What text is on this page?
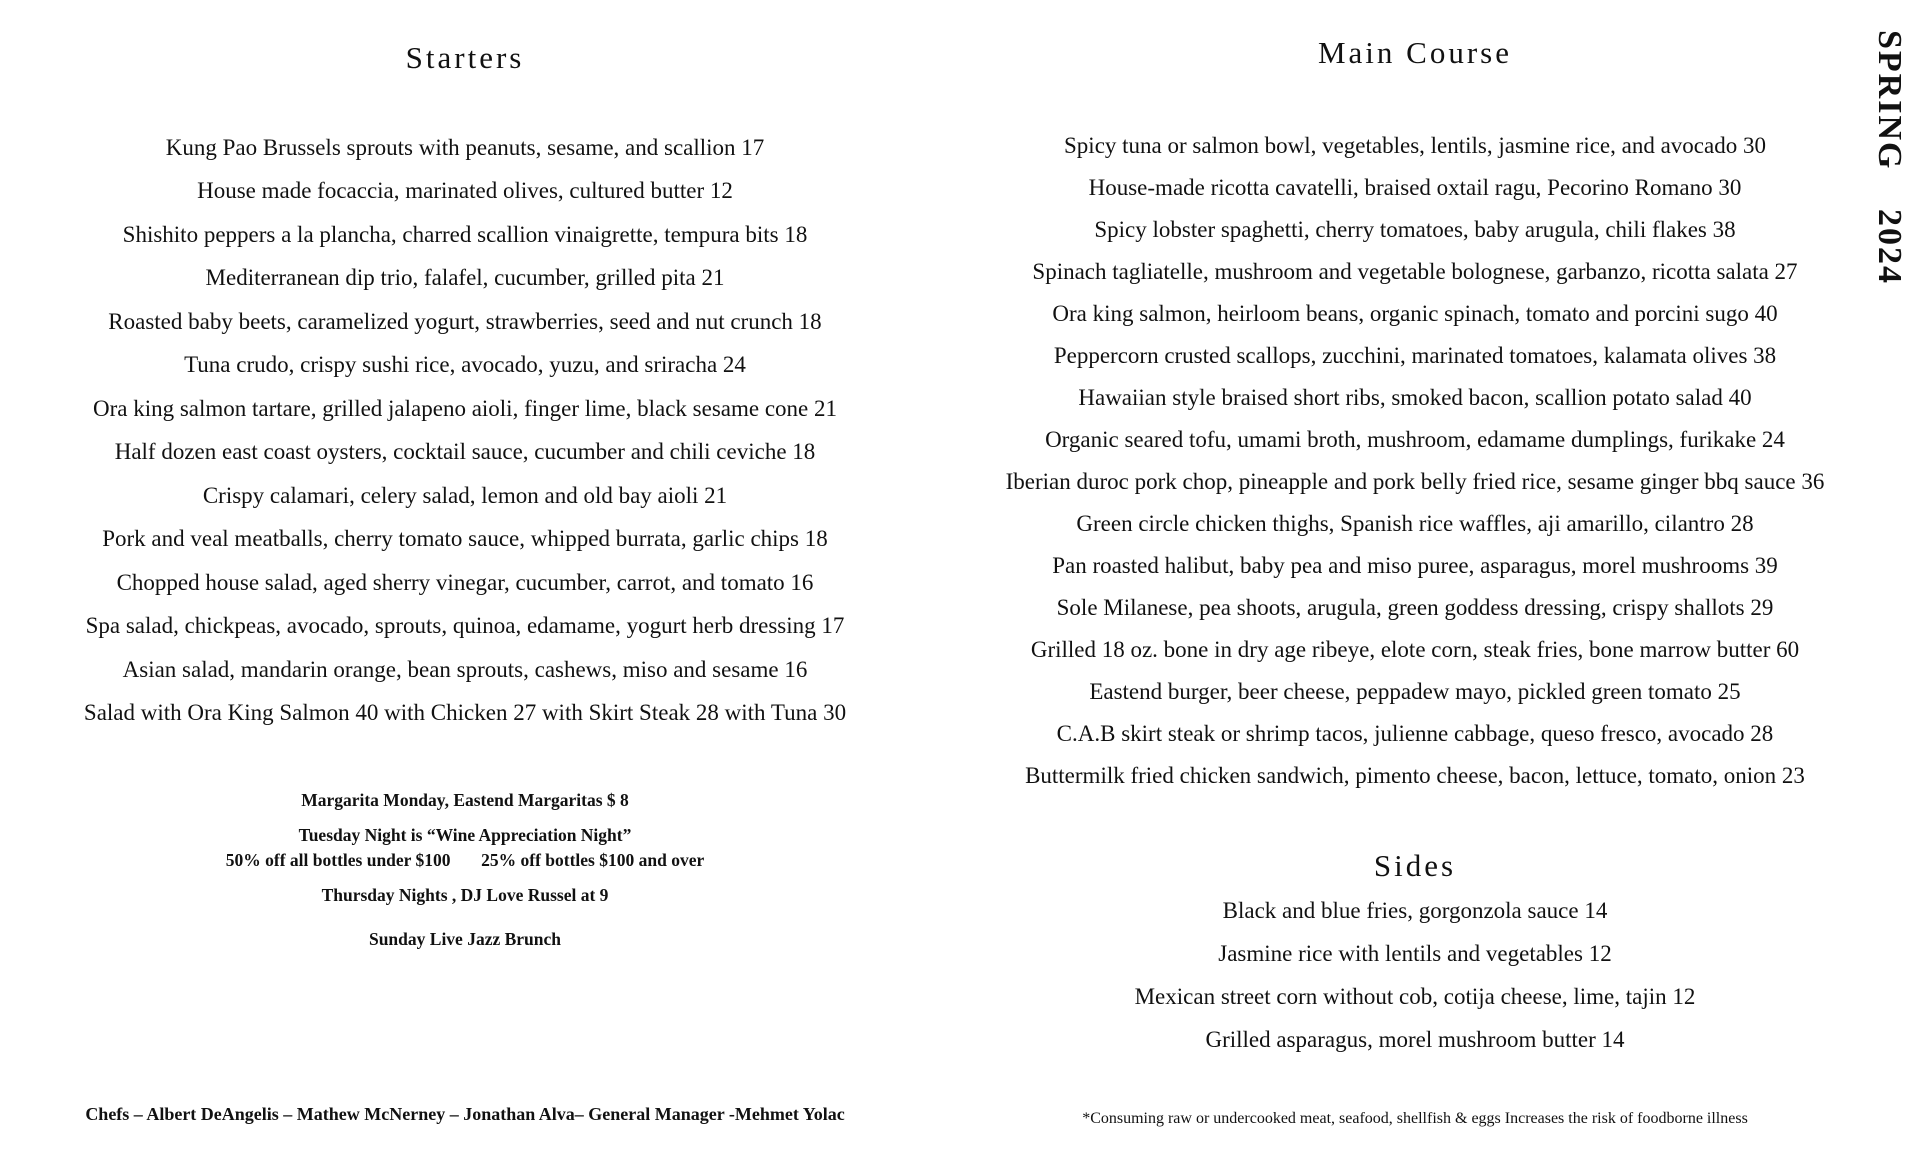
Starters
Kung Pao Brussels sprouts with peanuts, sesame, and scallion 17
House made focaccia, marinated olives, cultured butter 12
Shishito peppers a la plancha, charred scallion vinaigrette, tempura bits 18
Mediterranean dip trio, falafel, cucumber, grilled pita 21
Roasted baby beets, caramelized yogurt, strawberries, seed and nut crunch 18
Tuna crudo, crispy sushi rice, avocado, yuzu, and sriracha 24
Ora king salmon tartare, grilled jalapeno aioli, finger lime, black sesame cone 21
Half dozen east coast oysters, cocktail sauce, cucumber and chili ceviche 18
Crispy calamari, celery salad, lemon and old bay aioli 21
Pork and veal meatballs, cherry tomato sauce, whipped burrata, garlic chips 18
Chopped house salad, aged sherry vinegar, cucumber, carrot, and tomato 16
Spa salad, chickpeas, avocado, sprouts, quinoa, edamame, yogurt herb dressing 17
Asian salad, mandarin orange, bean sprouts, cashews, miso and sesame 16
Salad with Ora King Salmon 40 with Chicken 27 with Skirt Steak 28 with Tuna 30
Margarita Monday, Eastend Margaritas $ 8
Tuesday Night is “Wine Appreciation Night”
50% off all bottles under $100       25% off bottles $100 and over
Thursday Nights , DJ Love Russel at 9
Sunday Live Jazz Brunch
Main Course
Spicy tuna or salmon bowl, vegetables, lentils, jasmine rice, and avocado 30
House-made ricotta cavatelli, braised oxtail ragu, Pecorino Romano 30
Spicy lobster spaghetti, cherry tomatoes, baby arugula, chili flakes 38
Spinach tagliatelle, mushroom and vegetable bolognese, garbanzo, ricotta salata 27
Ora king salmon, heirloom beans, organic spinach, tomato and porcini sugo 40
Peppercorn crusted scallops, zucchini, marinated tomatoes, kalamata olives 38
Hawaiian style braised short ribs, smoked bacon, scallion potato salad 40
Organic seared tofu, umami broth, mushroom, edamame dumplings, furikake 24
Iberian duroc pork chop, pineapple and pork belly fried rice, sesame ginger bbq sauce 36
Green circle chicken thighs, Spanish rice waffles, aji amarillo, cilantro 28
Pan roasted halibut, baby pea and miso puree, asparagus, morel mushrooms 39
Sole Milanese, pea shoots, arugula, green goddess dressing, crispy shallots 29
Grilled 18 oz. bone in dry age ribeye, elote corn, steak fries, bone marrow butter 60
Eastend burger, beer cheese, peppadew mayo, pickled green tomato 25
C.A.B skirt steak or shrimp tacos, julienne cabbage, queso fresco, avocado 28
Buttermilk fried chicken sandwich, pimento cheese, bacon, lettuce, tomato, onion 23
Sides
Black and blue fries, gorgonzola sauce 14
Jasmine rice with lentils and vegetables 12
Mexican street corn without cob, cotija cheese, lime, tajin 12
Grilled asparagus, morel mushroom butter 14
SPRING 2024
Chefs – Albert DeAngelis – Mathew McNerney – Jonathan Alva– General Manager -Mehmet Yolac	*Consuming raw or undercooked meat, seafood, shellfish & eggs Increases the risk of foodborne illness
